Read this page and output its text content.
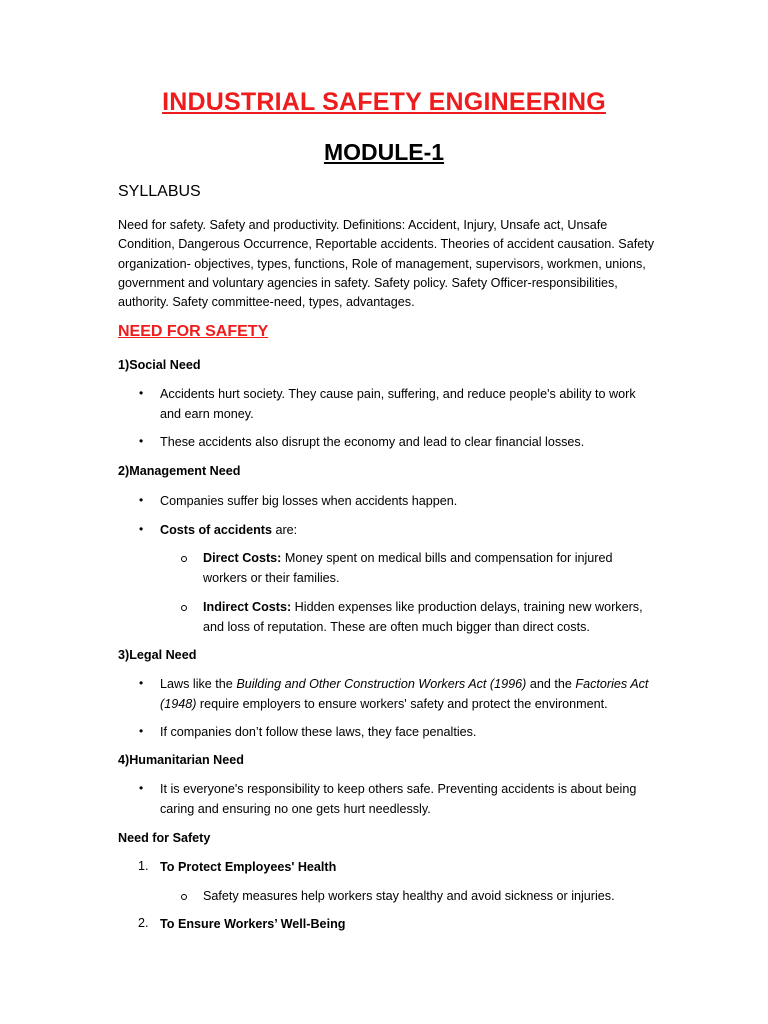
INDUSTRIAL SAFETY ENGINEERING
MODULE-1
SYLLABUS
Need for safety. Safety and productivity. Definitions: Accident, Injury, Unsafe act, Unsafe Condition, Dangerous Occurrence, Reportable accidents. Theories of accident causation. Safety organization- objectives, types, functions, Role of management, supervisors, workmen, unions, government and voluntary agencies in safety. Safety policy. Safety Officer-responsibilities, authority. Safety committee-need, types, advantages.
NEED FOR SAFETY
1)Social Need
• Accidents hurt society. They cause pain, suffering, and reduce people's ability to work and earn money.
• These accidents also disrupt the economy and lead to clear financial losses.
2)Management Need
• Companies suffer big losses when accidents happen.
• Costs of accidents are:
Direct Costs: Money spent on medical bills and compensation for injured workers or their families.
Indirect Costs: Hidden expenses like production delays, training new workers, and loss of reputation. These are often much bigger than direct costs.
3)Legal Need
• Laws like the Building and Other Construction Workers Act (1996) and the Factories Act (1948) require employers to ensure workers' safety and protect the environment.
• If companies don’t follow these laws, they face penalties.
4)Humanitarian Need
• It is everyone's responsibility to keep others safe. Preventing accidents is about being caring and ensuring no one gets hurt needlessly.
Need for Safety
1. To Protect Employees' Health
Safety measures help workers stay healthy and avoid sickness or injuries.
2. To Ensure Workers’ Well-Being
